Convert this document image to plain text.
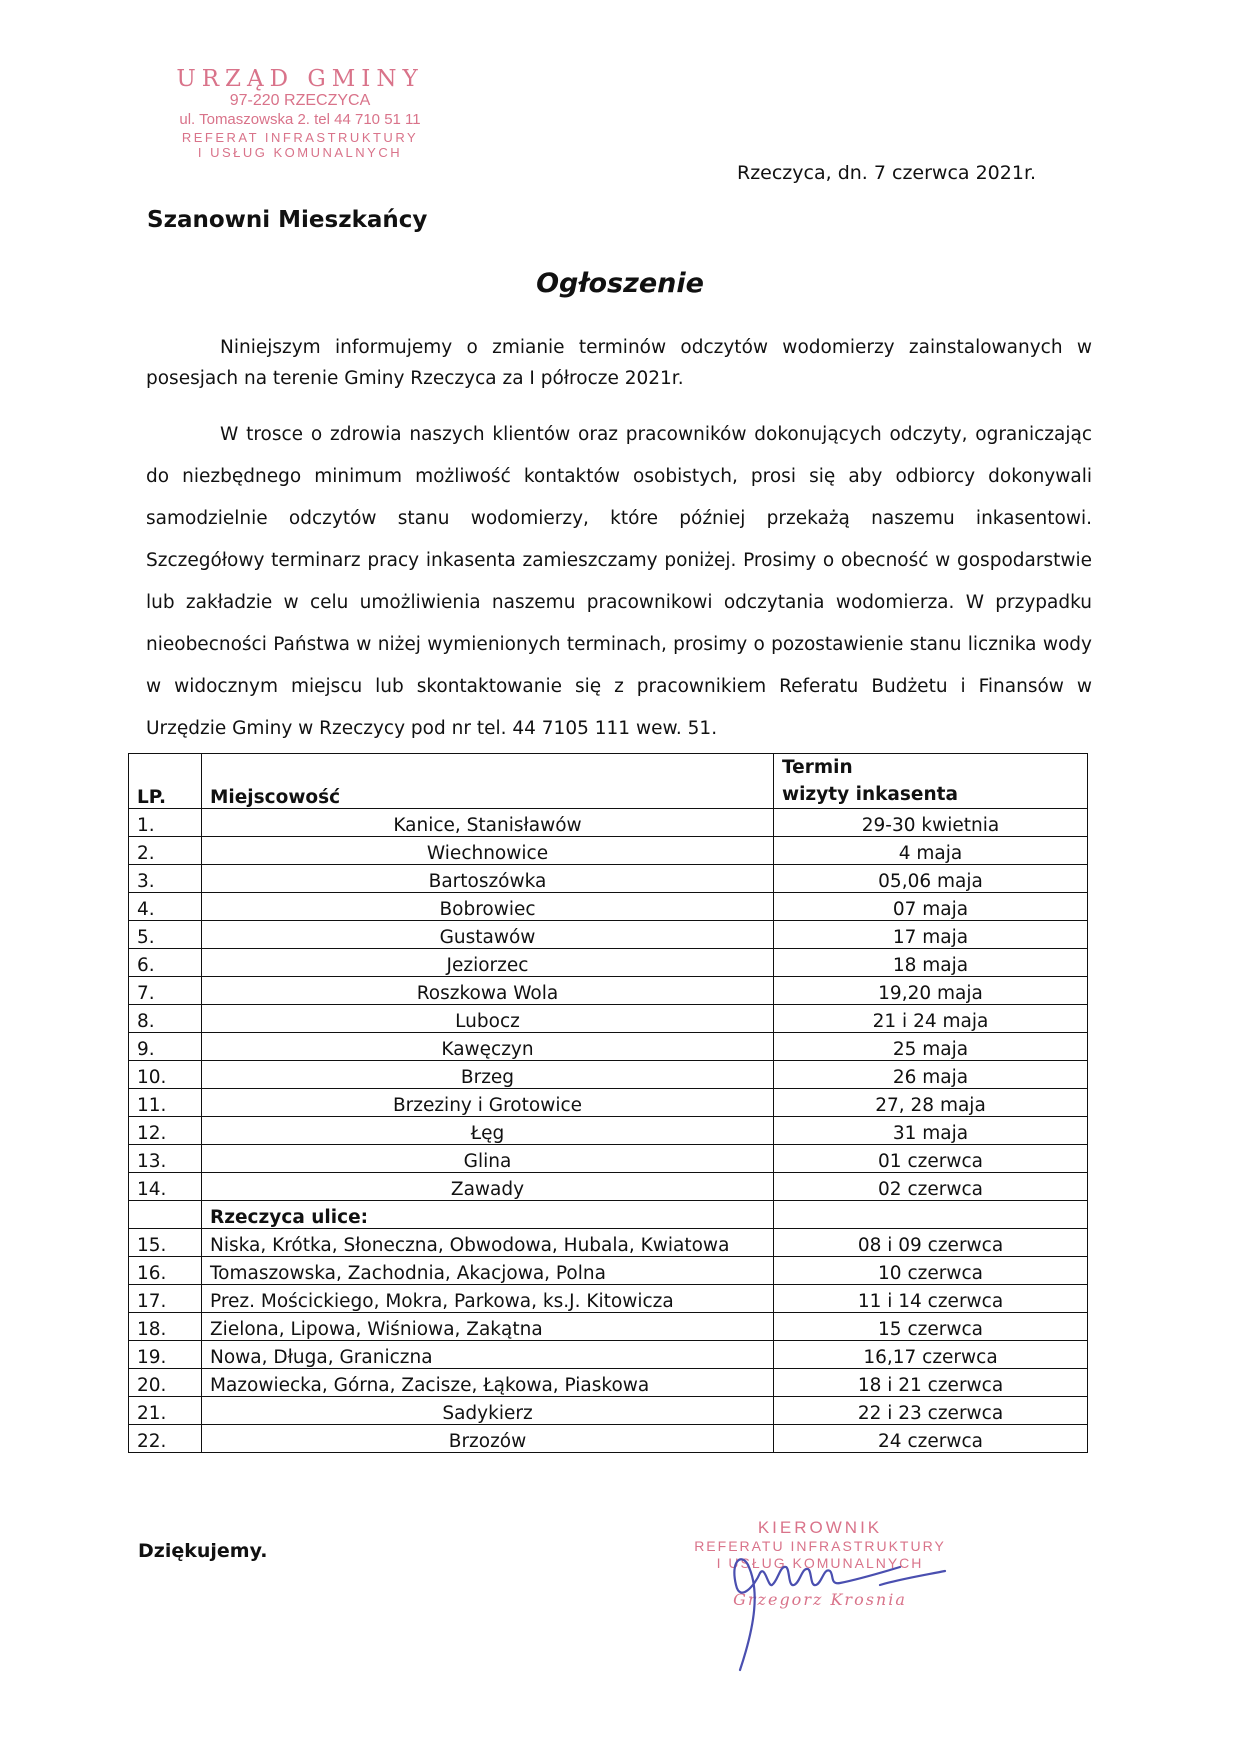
URZĄD GMINY
97-220 RZECZYCA
ul. Tomaszowska 2. tel 44 710 51 11
REFERAT INFRASTRUKTURY
I USŁUG KOMUNALNYCH
Rzeczyca, dn. 7 czerwca 2021r.
Szanowni Mieszkańcy
Ogłoszenie
Niniejszym informujemy o zmianie terminów odczytów wodomierzy zainstalowanych w posesjach na terenie Gminy Rzeczyca za I półrocze 2021r.
W trosce o zdrowia naszych klientów oraz pracowników dokonujących odczyty, ograniczając do niezbędnego minimum możliwość kontaktów osobistych, prosi się aby odbiorcy dokonywali samodzielnie odczytów stanu wodomierzy, które później przekażą naszemu inkasentowi. Szczegółowy terminarz pracy inkasenta zamieszczamy poniżej. Prosimy o obecność w gospodarstwie lub zakładzie w celu umożliwienia naszemu pracownikowi odczytania wodomierza. W przypadku nieobecności Państwa w niżej wymienionych terminach, prosimy o pozostawienie stanu licznika wody w widocznym miejscu lub skontaktowanie się z pracownikiem Referatu Budżetu i Finansów w Urzędzie Gminy w Rzeczycy pod nr tel. 44 7105 111 wew. 51.
LP.	Miejscowość	Termin
wizyty inkasenta

1.	Kanice, Stanisławów	29-30 kwietnia
2.	Wiechnowice	4 maja
3.	Bartoszówka	05,06 maja
4.	Bobrowiec	07 maja
5.	Gustawów	17 maja
6.	Jeziorzec	18 maja
7.	Roszkowa Wola	19,20 maja
8.	Lubocz	21 i 24 maja
9.	Kawęczyn	25 maja
10.	Brzeg	26 maja
11.	Brzeziny i Grotowice	27, 28 maja
12.	Łęg	31 maja
13.	Glina	01 czerwca
14.	Zawady	02 czerwca
	Rzeczyca ulice:	
15.	Niska, Krótka, Słoneczna, Obwodowa, Hubala, Kwiatowa	08 i 09 czerwca
16.	Tomaszowska, Zachodnia, Akacjowa, Polna	10 czerwca
17.	Prez. Mościckiego, Mokra, Parkowa, ks.J. Kitowicza	11 i 14 czerwca
18.	Zielona, Lipowa, Wiśniowa, Zakątna	15 czerwca
19.	Nowa, Długa, Graniczna	16,17 czerwca
20.	Mazowiecka, Górna, Zacisze, Łąkowa, Piaskowa	18 i 21 czerwca
21.	Sadykierz	22 i 23 czerwca
22.	Brzozów	24 czerwca
Dziękujemy.
KIEROWNIK
REFERATU INFRASTRUKTURY
I USŁUG KOMUNALNYCH
Grzegorz Krosnia
